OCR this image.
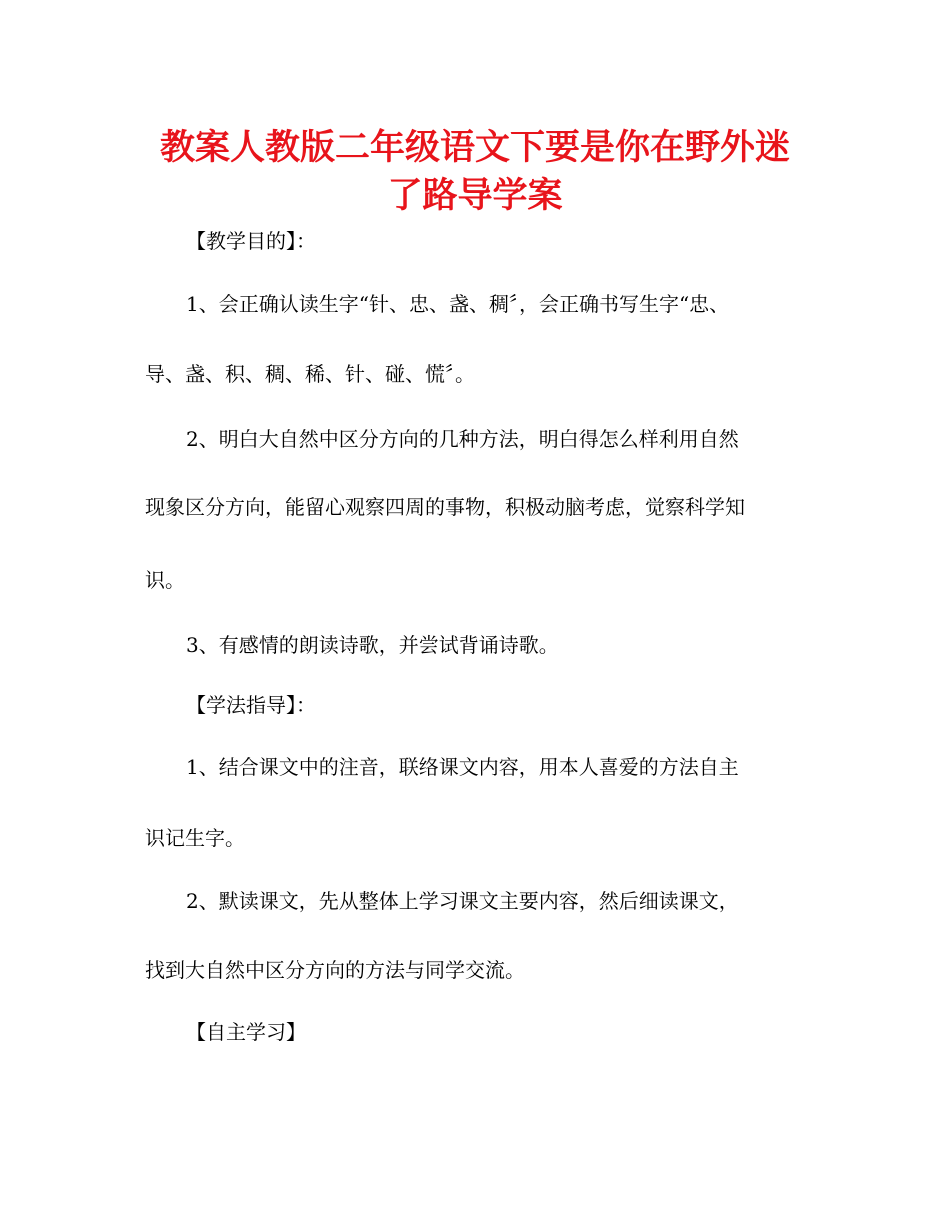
教案人教版二年级语文下要是你在野外迷
了路导学案
【教学目的】：
1、会正确认读生字“针、忠、盏、稠〞，会正确书写生字“忠、
导、盏、积、稠、稀、针、碰、慌〞。
2、明白大自然中区分方向的几种方法，明白得怎么样利用自然
现象区分方向，能留心观察四周的事物，积极动脑考虑，觉察科学知
识。
3、有感情的朗读诗歌，并尝试背诵诗歌。
【学法指导】：
1、结合课文中的注音，联络课文内容，用本人喜爱的方法自主
识记生字。
2、默读课文，先从整体上学习课文主要内容，然后细读课文，
找到大自然中区分方向的方法与同学交流。
【自主学习】
